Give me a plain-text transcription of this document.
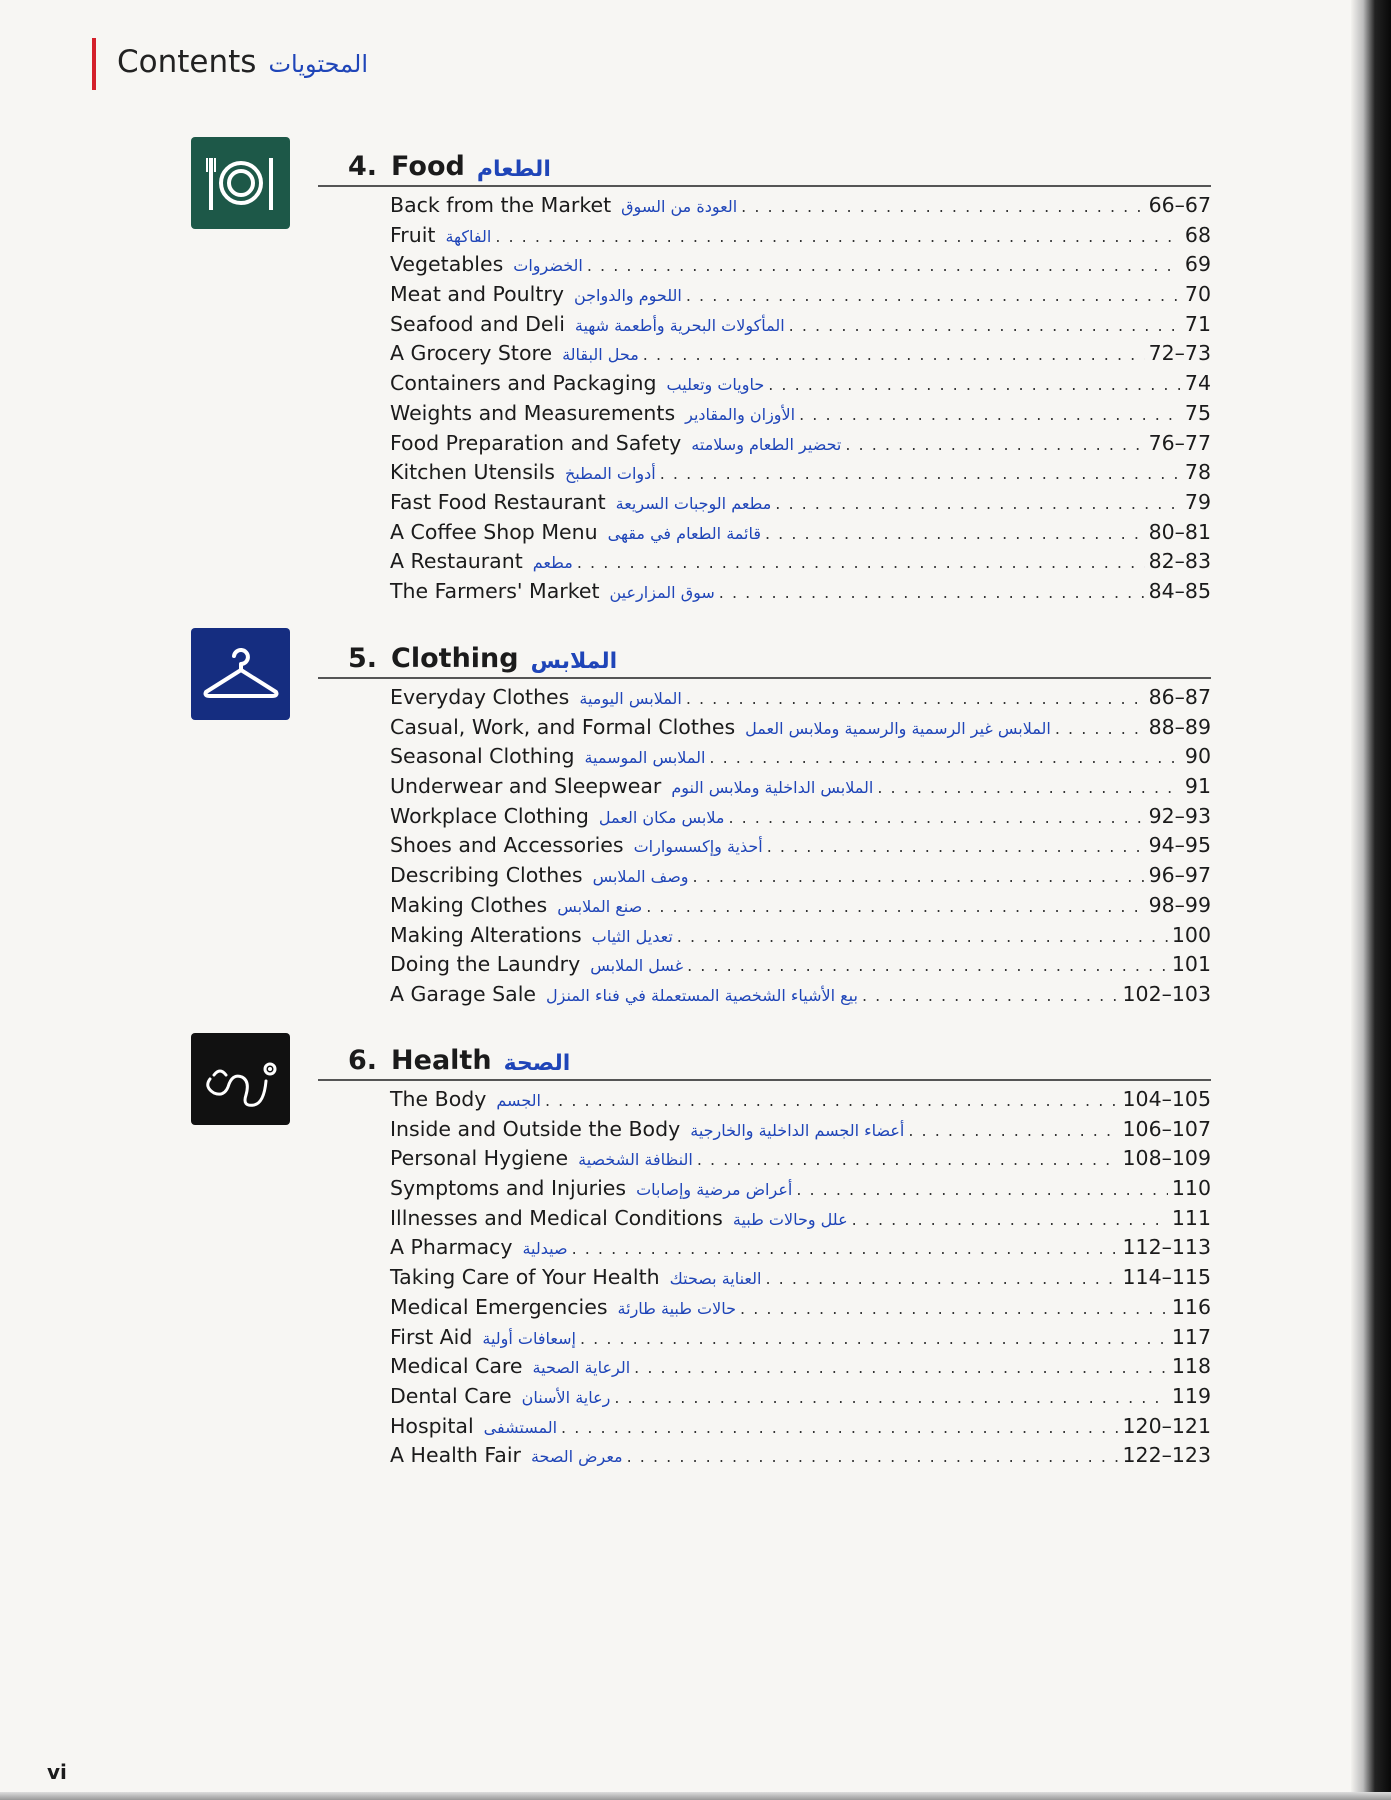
Contents المحتويات
4. Food الطعام
Back from the Market العودة من السوق . . .	66–67
Fruit الفاكهة . . .	68
Vegetables الخضروات . . .	69
Meat and Poultry اللحوم والدواجن . . .	70
Seafood and Deli المأكولات البحرية وأطعمة شهية . . .	71
A Grocery Store محل البقالة . . .	72–73
Containers and Packaging حاويات وتعليب . . .	74
Weights and Measurements الأوزان والمقادير . . .	75
Food Preparation and Safety تحضير الطعام وسلامته . . .	76–77
Kitchen Utensils أدوات المطبخ . . .	78
Fast Food Restaurant مطعم الوجبات السريعة . . .	79
A Coffee Shop Menu قائمة الطعام في مقهى . . .	80–81
A Restaurant مطعم . . .	82–83
The Farmers' Market سوق المزارعين . . .	84–85
5. Clothing الملابس
Everyday Clothes الملابس اليومية . . .	86–87
Casual, Work, and Formal Clothes الملابس غير الرسمية والرسمية وملابس العمل . . .	88–89
Seasonal Clothing الملابس الموسمية . . .	90
Underwear and Sleepwear الملابس الداخلية وملابس النوم . . .	91
Workplace Clothing ملابس مكان العمل . . .	92–93
Shoes and Accessories أحذية وإكسسوارات . . .	94–95
Describing Clothes وصف الملابس . . .	96–97
Making Clothes صنع الملابس . . .	98–99
Making Alterations تعديل الثياب . . .	100
Doing the Laundry غسل الملابس . . .	101
A Garage Sale بيع الأشياء الشخصية المستعملة في فناء المنزل . . .	102–103
6. Health الصحة
The Body الجسم . . .	104–105
Inside and Outside the Body أعضاء الجسم الداخلية والخارجية . . .	106–107
Personal Hygiene النظافة الشخصية . . .	108–109
Symptoms and Injuries أعراض مرضية وإصابات . . .	110
Illnesses and Medical Conditions علل وحالات طبية . . .	111
A Pharmacy صيدلية . . .	112–113
Taking Care of Your Health العناية بصحتك . . .	114–115
Medical Emergencies حالات طبية طارئة . . .	116
First Aid إسعافات أولية . . .	117
Medical Care الرعاية الصحية . . .	118
Dental Care رعاية الأسنان . . .	119
Hospital المستشفى . . .	120–121
A Health Fair معرض الصحة . . .	122–123
vi
